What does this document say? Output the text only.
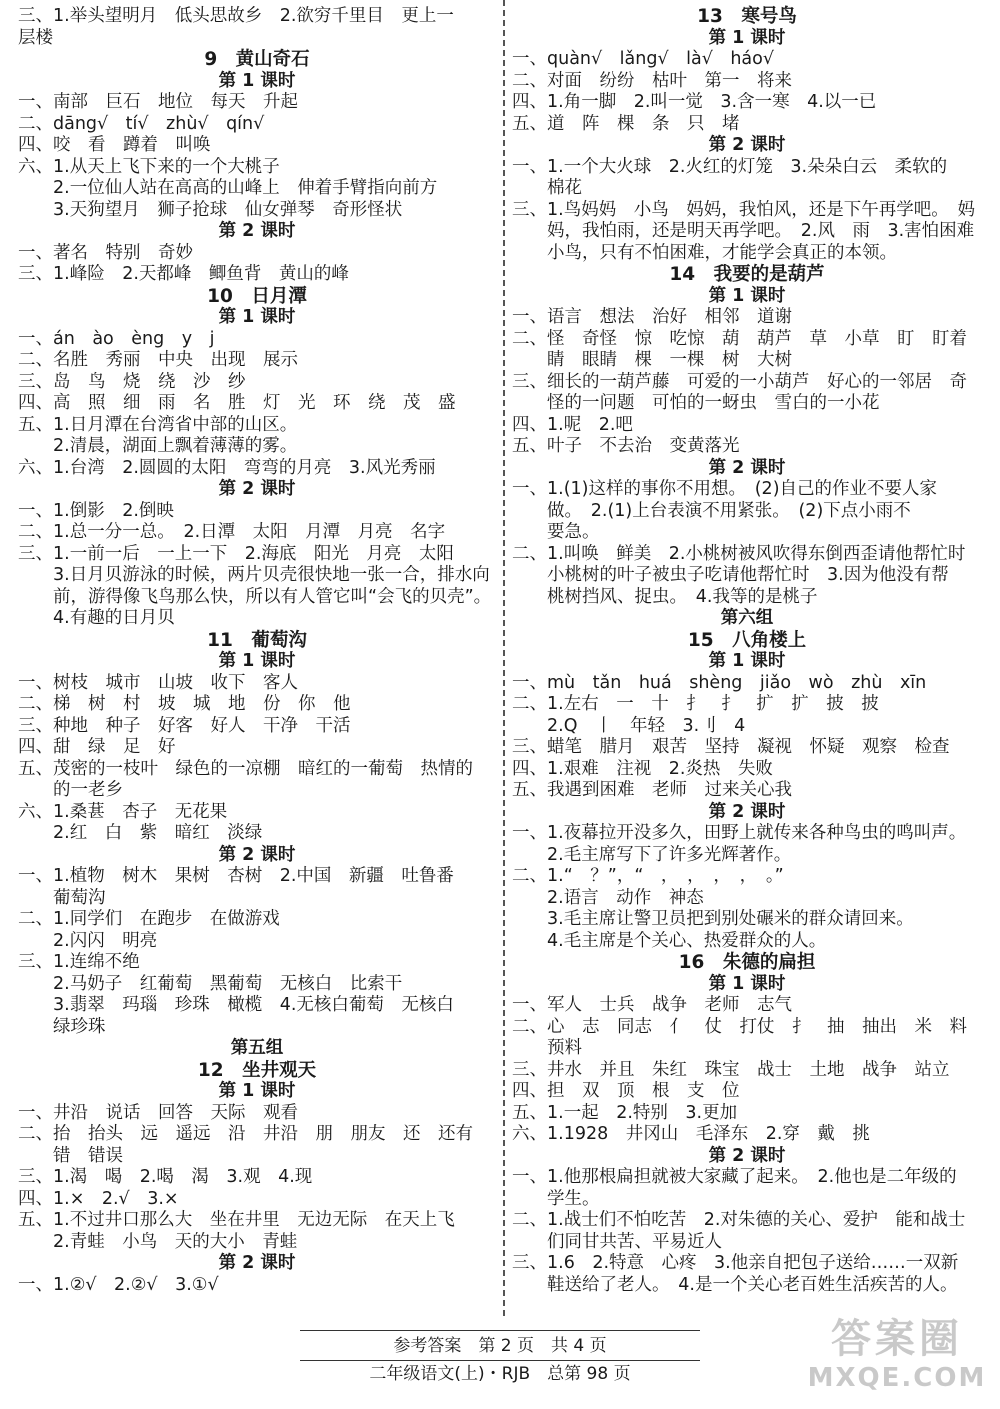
三、1.举头望明月　低头思故乡　2.欲穷千里目　更上一
层楼
9　黄山奇石
第 1 课时
一、南部　巨石　地位　每天　升起
二、dāng√　tí√　zhù√　qín√
四、咬　看　蹲着　叫唤
六、1.从天上飞下来的一个大桃子
　　2.一位仙人站在高高的山峰上　伸着手臂指向前方
　　3.天狗望月　狮子抢球　仙女弹琴　奇形怪状
第 2 课时
一、著名　特别　奇妙
三、1.峰险　2.天都峰　鲫鱼背　黄山的峰
10　日月潭
第 1 课时
一、án　ào　èng　y　j
二、名胜　秀丽　中央　出现　展示
三、岛　鸟　烧　绕　沙　纱
四、高　照　细　雨　名　胜　灯　光　环　绕　茂　盛
五、1.日月潭在台湾省中部的山区。
　　2.清晨，湖面上飘着薄薄的雾。
六、1.台湾　2.圆圆的太阳　弯弯的月亮　3.风光秀丽
第 2 课时
一、1.倒影　2.倒映
二、1.总一分一总。　2.日潭　太阳　月潭　月亮　名字
三、1.一前一后　一上一下　2.海底　阳光　月亮　太阳
　　3.日月贝游泳的时候，两片贝壳很快地一张一合，排水向
　　前，游得像飞鸟那么快，所以有人管它叫“会飞的贝壳”。
　　4.有趣的日月贝
11　葡萄沟
第 1 课时
一、树枝　城市　山坡　收下　客人
二、梯　树　村　坡　城　地　份　你　他
三、种地　种子　好客　好人　干净　干活
四、甜　绿　足　好
五、茂密的一枝叶　绿色的一凉棚　暗红的一葡萄　热情的
　　的一老乡
六、1.桑葚　杏子　无花果
　　2.红　白　紫　暗红　淡绿
第 2 课时
一、1.植物　树木　果树　杏树　2.中国　新疆　吐鲁番
　　葡萄沟
二、1.同学们　在跑步　在做游戏
　　2.闪闪　明亮
三、1.连绵不绝
　　2.马奶子　红葡萄　黑葡萄　无核白　比索干
　　3.翡翠　玛瑙　珍珠　橄榄　4.无核白葡萄　无核白
　　绿珍珠
第五组
12　坐井观天
第 1 课时
一、井沿　说话　回答　天际　观看
二、抬　抬头　远　遥远　沿　井沿　朋　朋友　还　还有
　　错　错误
三、1.渴　喝　2.喝　渴　3.观　4.现
四、1.×　2.√　3.×
五、1.不过井口那么大　坐在井里　无边无际　在天上飞
　　2.青蛙　小鸟　天的大小　青蛙
第 2 课时
一、1.②√　2.②√　3.①√
13　寒号鸟
第 1 课时
一、quàn√　lǎng√　là√　háo√
二、对面　纷纷　枯叶　第一　将来
四、1.角一脚　2.叫一觉　3.含一寒　4.以一已
五、道　阵　棵　条　只　堵
第 2 课时
一、1.一个大火球　2.火红的灯笼　3.朵朵白云　柔软的
　　棉花
三、1.鸟妈妈　小鸟　妈妈，我怕风，还是下午再学吧。　妈
　　妈，我怕雨，还是明天再学吧。　2.风　雨　3.害怕困难
　　小鸟，只有不怕困难，才能学会真正的本领。
14　我要的是葫芦
第 1 课时
一、语言　想法　治好　相邻　道谢
二、怪　奇怪　惊　吃惊　葫　葫芦　草　小草　盯　盯着
　　睛　眼睛　棵　一棵　树　大树
三、细长的一葫芦藤　可爱的一小葫芦　好心的一邻居　奇
　　怪的一问题　可怕的一蚜虫　雪白的一小花
四、1.呢　2.吧
五、叶子　不去治　变黄落光
第 2 课时
一、1.(1)这样的事你不用想。　(2)自己的作业不要人家
　　做。　2.(1)上台表演不用紧张。　(2)下点小雨不
　　要急。
二、1.叫唤　鲜美　2.小桃树被风吹得东倒西歪请他帮忙时
　　小桃树的叶子被虫子吃请他帮忙时　3.因为他没有帮
　　桃树挡风、捉虫。　4.我等的是桃子
第六组
15　八角楼上
第 1 课时
一、mù　tǎn　huá　shèng　jiǎo　wò　zhù　xīn
二、1.左右　一　十　扌　扌　扩　扩　披　披
　　2.Q　丨　年轻　3.刂　4
三、蜡笔　腊月　艰苦　坚持　凝视　怀疑　观察　检查
四、1.艰难　注视　2.炎热　失败
五、我遇到困难　老师　过来关心我
第 2 课时
一、1.夜幕拉开没多久，田野上就传来各种鸟虫的鸣叫声。
　　2.毛主席写下了许多光辉著作。
二、1.“　？”，“　，　，　，　，　。”
　　2.语言　动作　神态
　　3.毛主席让警卫员把到别处碾米的群众请回来。
　　4.毛主席是个关心、热爱群众的人。
16　朱德的扁担
第 1 课时
一、军人　士兵　战争　老师　志气
二、心　志　同志　亻　仗　打仗　扌　抽　抽出　米　料
　　预料
三、井水　并且　朱红　珠宝　战士　土地　战争　站立
四、担　双　顶　根　支　位
五、1.一起　2.特别　3.更加
六、1.1928　井冈山　毛泽东　2.穿　戴　挑
第 2 课时
一、1.他那根扁担就被大家藏了起来。　2.他也是二年级的
　　学生。
二、1.战士们不怕吃苦　2.对朱德的关心、爱护　能和战士
　　们同甘共苦、平易近人
三、1.6　2.特意　心疼　3.他亲自把包子送给……一双新
　　鞋送给了老人。　4.是一个关心老百姓生活疾苦的人。
参考答案　第 2 页　共 4 页
二年级语文(上)・RJB　总第 98 页
答案圈
MXQE.COM
